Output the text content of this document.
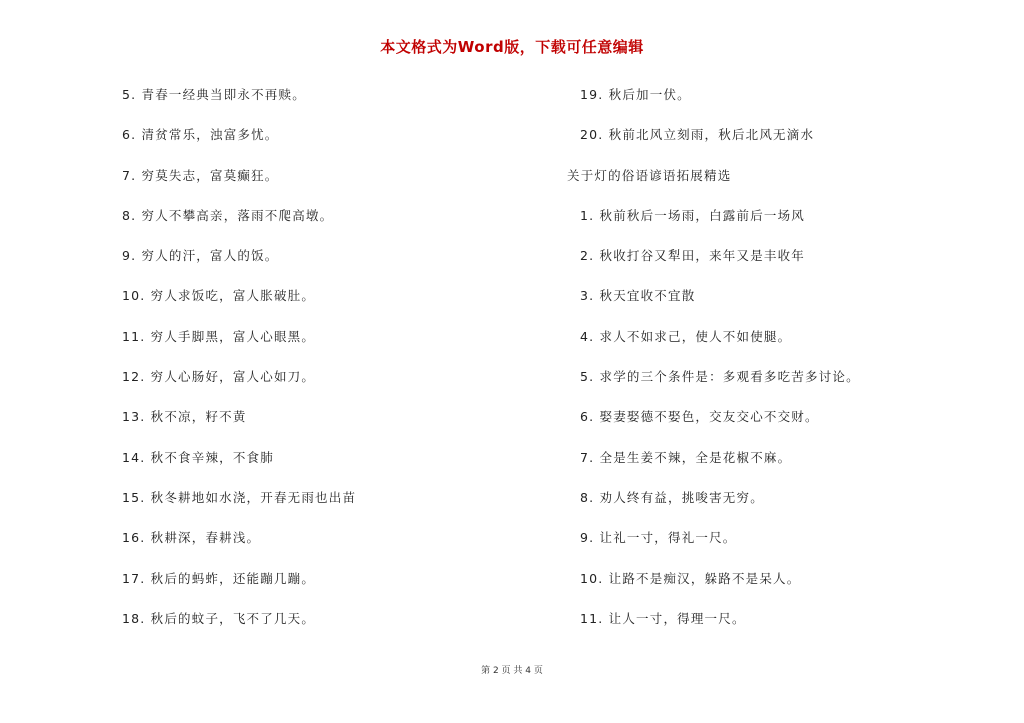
本文格式为Word版，下载可任意编辑
5. 青春一经典当即永不再赎。
6. 清贫常乐，浊富多忧。
7. 穷莫失志，富莫癫狂。
8. 穷人不攀高亲，落雨不爬高墩。
9. 穷人的汗，富人的饭。
10. 穷人求饭吃，富人胀破肚。
11. 穷人手脚黑，富人心眼黑。
12. 穷人心肠好，富人心如刀。
13. 秋不凉，籽不黄
14. 秋不食辛辣，不食肺
15. 秋冬耕地如水浇，开春无雨也出苗
16. 秋耕深，春耕浅。
17. 秋后的蚂蚱，还能蹦几蹦。
18. 秋后的蚊子，飞不了几天。
19. 秋后加一伏。
20. 秋前北风立刻雨，秋后北风无滴水
关于灯的俗语谚语拓展精选
1. 秋前秋后一场雨，白露前后一场风
2. 秋收打谷又犁田，来年又是丰收年
3. 秋天宜收不宜散
4. 求人不如求己，使人不如使腿。
5. 求学的三个条件是：多观看多吃苦多讨论。
6. 娶妻娶德不娶色，交友交心不交财。
7. 全是生姜不辣，全是花椒不麻。
8. 劝人终有益，挑唆害无穷。
9. 让礼一寸，得礼一尺。
10. 让路不是痴汉，躲路不是呆人。
11. 让人一寸，得理一尺。
第 2 页 共 4 页
